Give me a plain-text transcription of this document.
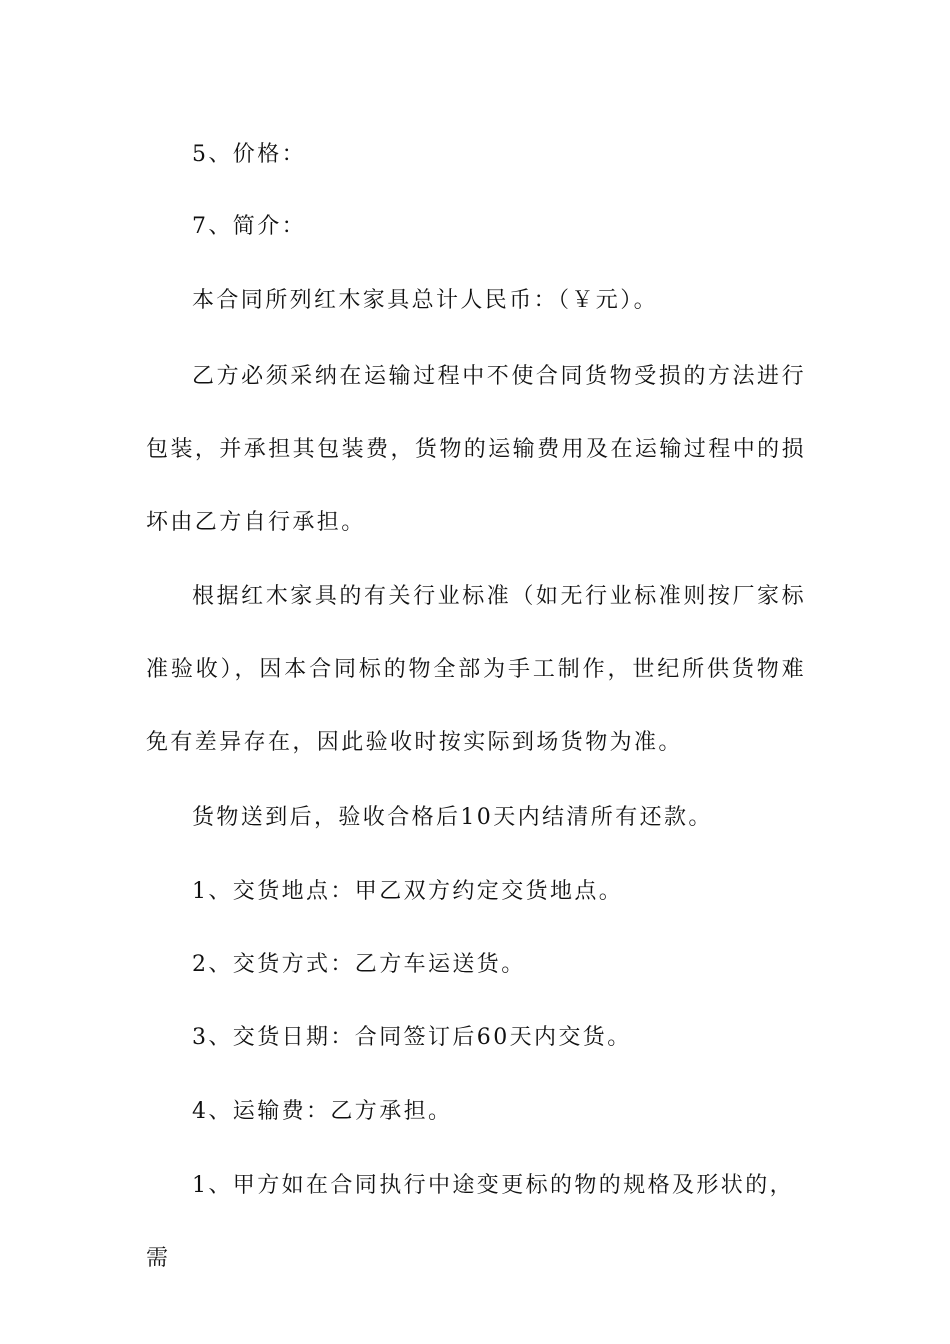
5、价格：

7、简介：

本合同所列红木家具总计人民币：（￥元）。

乙方必须采纳在运输过程中不使合同货物受损的方法进行包装，并承担其包装费，货物的运输费用及在运输过程中的损坏由乙方自行承担。

根据红木家具的有关行业标准（如无行业标准则按厂家标准验收），因本合同标的物全部为手工制作，世纪所供货物难免有差异存在，因此验收时按实际到场货物为准。

货物送到后，验收合格后10天内结清所有还款。

1、交货地点：甲乙双方约定交货地点。

2、交货方式：乙方车运送货。

3、交货日期：合同签订后60天内交货。

4、运输费：乙方承担。

1、甲方如在合同执行中途变更标的物的规格及形状的，需
